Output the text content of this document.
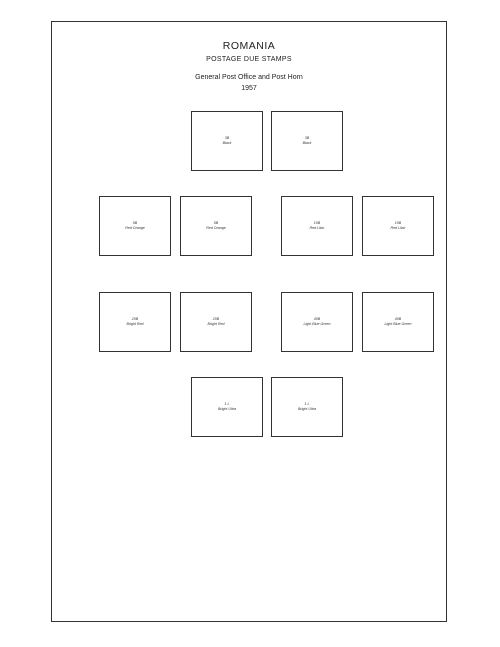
ROMANIA
POSTAGE DUE STAMPS
General Post Office and Post Horn
1957
3B
Black
3B
Black
5B
Red Orange
5B
Red Orange
10B
Red Lilac
10B
Red Lilac
20B
Bright Red
20B
Bright Red
40B
Light Blue Green
40B
Light Blue Green
1 L
Bright Ultra
1 L
Bright Ultra
